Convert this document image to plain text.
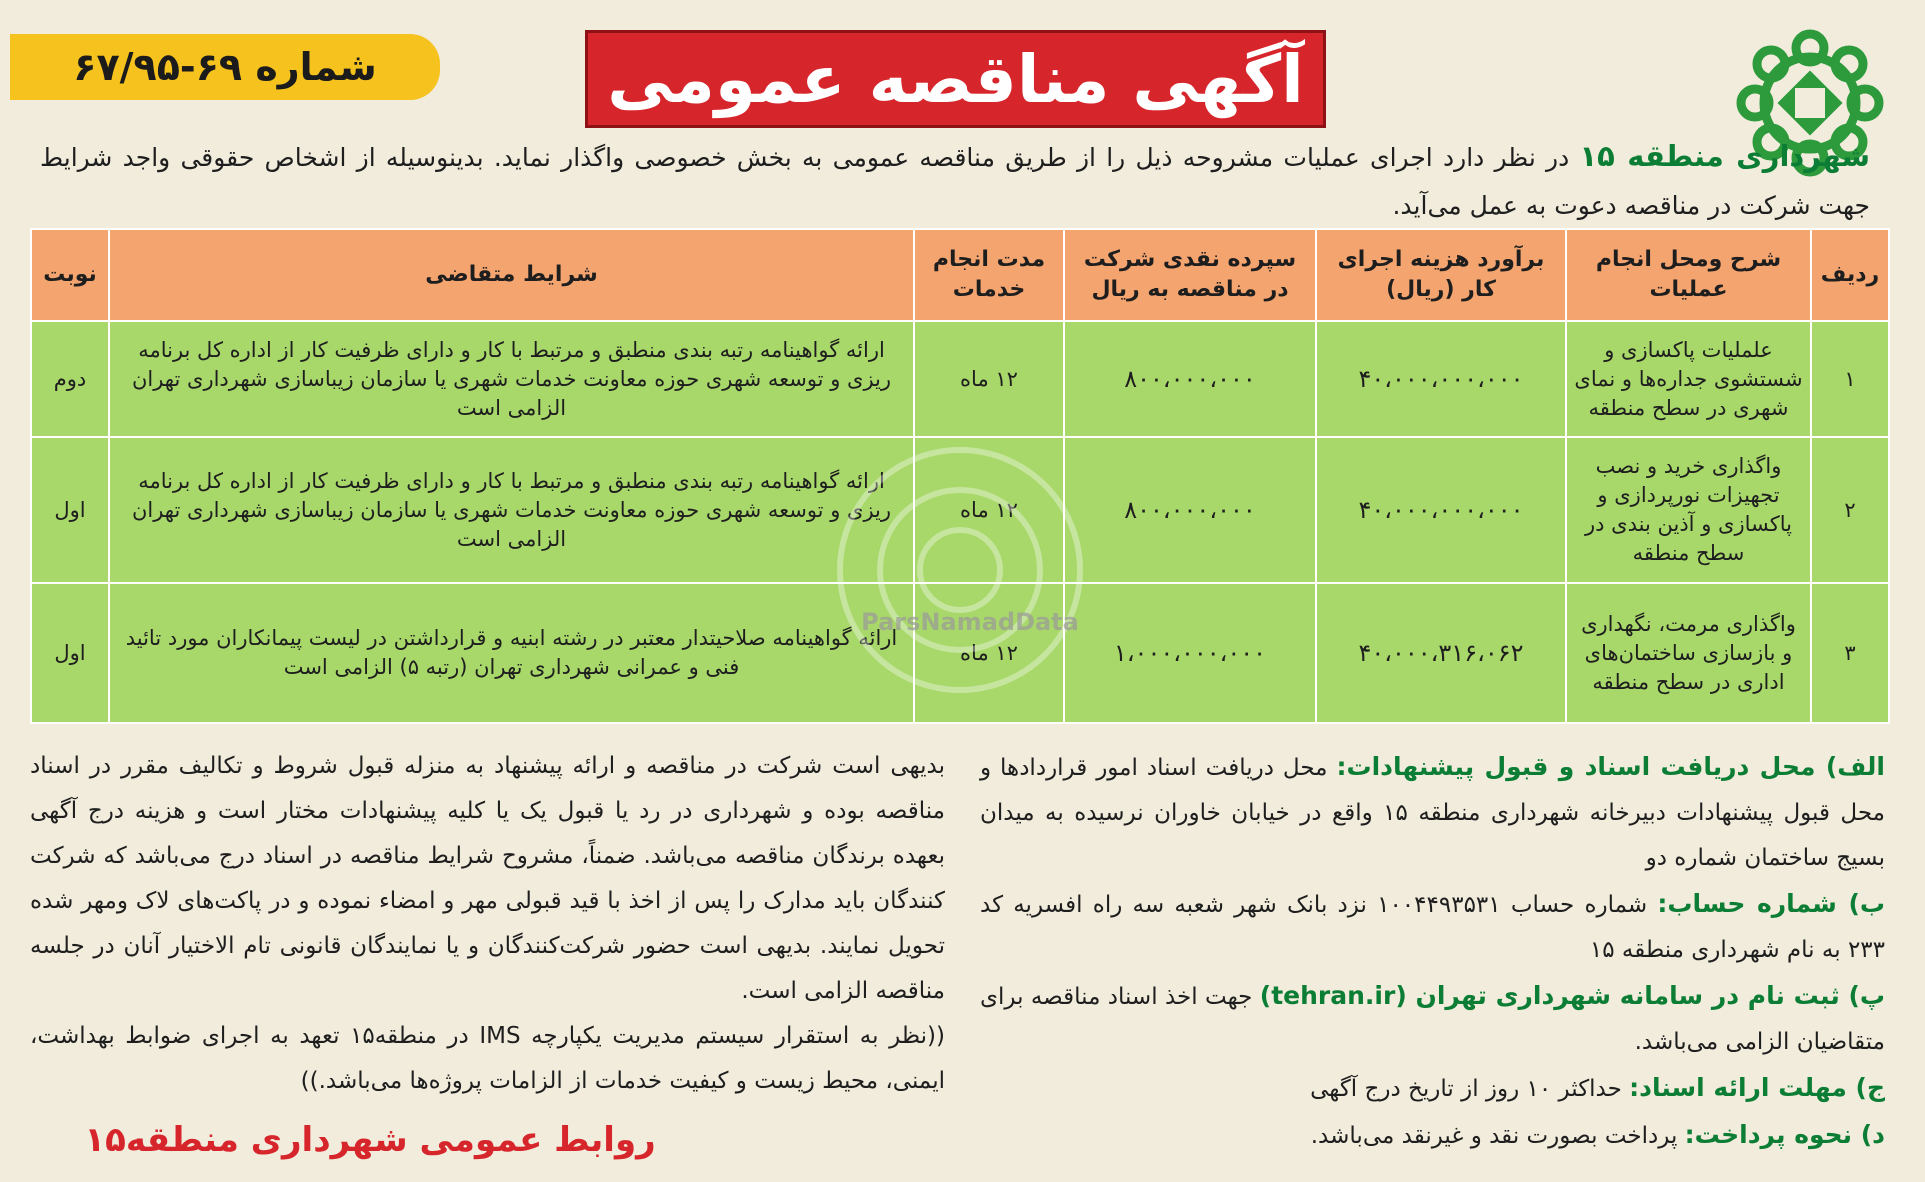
آگهی مناقصه عمومی
شماره ۶۹-۶۷/۹۵

شهرداری منطقه ۱۵ در نظر دارد اجرای عملیات مشروحه ذیل را از طریق مناقصه عمومی به بخش خصوصی واگذار نماید. بدینوسیله از اشخاص حقوقی واجد شرایط جهت شرکت در مناقصه دعوت به عمل می‌آید.

ردیف	شرح ومحل انجام عملیات	برآورد هزینه اجرای کار (ریال)	سپرده نقدی شرکت در مناقصه به ریال	مدت انجام خدمات	شرایط متقاضی	نوبت
۱	علملیات پاکسازی و شستشوی جداره‌ها و نمای شهری در سطح منطقه	۴۰،۰۰۰،۰۰۰،۰۰۰	۸۰۰،۰۰۰،۰۰۰	۱۲ ماه	ارائه گواهینامه رتبه بندی منطبق و مرتبط با کار و دارای ظرفیت کار از اداره کل برنامه ریزی و توسعه شهری حوزه معاونت خدمات شهری یا سازمان زیباسازی شهرداری تهران الزامی است	دوم
۲	واگذاری خرید و نصب تجهیزات نورپردازی و پاکسازی و آذین بندی در سطح منطقه	۴۰،۰۰۰،۰۰۰،۰۰۰	۸۰۰،۰۰۰،۰۰۰	۱۲ ماه	ارائه گواهینامه رتبه بندی منطبق و مرتبط با کار و دارای ظرفیت کار از اداره کل برنامه ریزی و توسعه شهری حوزه معاونت خدمات شهری یا سازمان زیباسازی شهرداری تهران الزامی است	اول
۳	واگذاری مرمت، نگهداری و بازسازی ساختمان‌های اداری در سطح منطقه	۴۰،۰۰۰،۳۱۶،۰۶۲	۱،۰۰۰،۰۰۰،۰۰۰	۱۲ ماه	ارائه گواهینامه صلاحیتدار معتبر در رشته ابنیه و قرارداشتن در لیست پیمانکاران مورد تائید فنی و عمرانی شهرداری تهران (رتبه ۵) الزامی است	اول
ParsNamadData

الف) محل دریافت اسناد و قبول پیشنهادات: محل دریافت اسناد امور قراردادها و محل قبول پیشنهادات دبیرخانه شهرداری منطقه ۱۵ واقع در خیابان خاوران نرسیده به میدان بسیج ساختمان شماره دو

ب) شماره حساب: شماره حساب ۱۰۰۴۴۹۳۵۳۱ نزد بانک شهر شعبه سه راه افسریه کد ۲۳۳ به نام شهرداری منطقه ۱۵

پ) ثبت نام در سامانه شهرداری تهران (tehran.ir) جهت اخذ اسناد مناقصه برای متقاضیان الزامی می‌باشد.

ج) مهلت ارائه اسناد: حداکثر ۱۰ روز از تاریخ درج آگهی

د) نحوه پرداخت: پرداخت بصورت نقد و غیرنقد می‌باشد.

بدیهی است شرکت در مناقصه و ارائه پیشنهاد به منزله قبول شروط و تکالیف مقرر در اسناد مناقصه بوده و شهرداری در رد یا قبول یک یا کلیه پیشنهادات مختار است و هزینه درج آگهی بعهده برندگان مناقصه می‌باشد. ضمناً، مشروح شرایط مناقصه در اسناد درج می‌باشد که شرکت کنندگان باید مدارک را پس از اخذ با قید قبولی مهر و امضاء نموده و در پاکت‌های لاک ومهر شده تحویل نمایند. بدیهی است حضور شرکت‌کنندگان و یا نمایندگان قانونی تام الاختیار آنان در جلسه مناقصه الزامی است.

((نظر به استقرار سیستم مدیریت یکپارچه IMS در منطقه۱۵ تعهد به اجرای ضوابط بهداشت، ایمنی، محیط زیست و کیفیت خدمات از الزامات پروژه‌ها می‌باشد.))

روابط عمومی شهرداری منطقه۱۵
